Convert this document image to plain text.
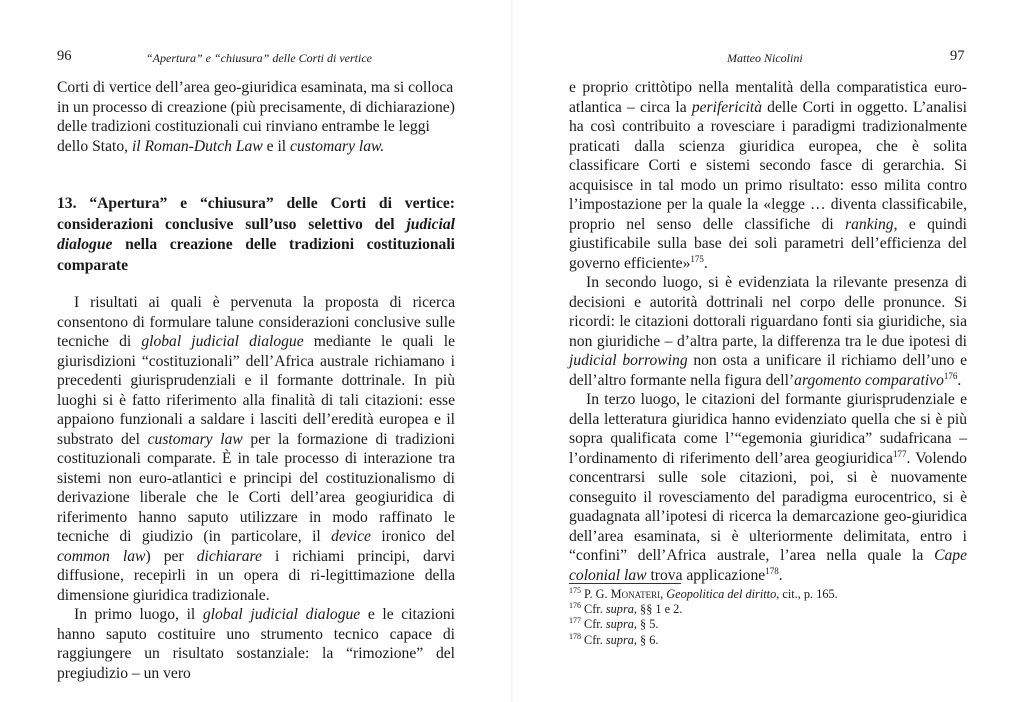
96	“Apertura” e “chiusura” delle Corti di vertice

Corti di vertice dell’area geo-giuridica esaminata, ma si colloca in un processo di creazione (più precisamente, di dichiarazione) delle tradizioni costituzionali cui rinviano entrambe le leggi dello Stato, il Roman-Dutch Law e il customary law.

13. “Apertura” e “chiusura” delle Corti di vertice: considerazioni conclusive sull’uso selettivo del judicial dialogue nella creazione delle tradizioni costituzionali comparate

I risultati ai quali è pervenuta la proposta di ricerca consentono di formulare talune considerazioni conclusive sulle tecniche di global judicial dialogue mediante le quali le giurisdizioni “costituzionali” dell’Africa australe richiamano i precedenti giurisprudenziali e il formante dottrinale. In più luoghi si è fatto riferimento alla finalità di tali citazioni: esse appaiono funzionali a saldare i lasciti dell’eredità europea e il substrato del customary law per la formazione di tradizioni costituzionali comparate. È in tale processo di interazione tra sistemi non euro-atlantici e principi del costituzionalismo di derivazione liberale che le Corti dell’area geogiuridica di riferimento hanno saputo utilizzare in modo raffinato le tecniche di giudizio (in particolare, il device ironico del common law) per dichiarare i richiami principi, darvi diffusione, recepirli in un opera di ri-legittimazione della dimensione giuridica tradizionale.

In primo luogo, il global judicial dialogue e le citazioni hanno saputo costituire uno strumento tecnico capace di raggiungere un risultato sostanziale: la “rimozione” del pregiudizio – un vero

Matteo Nicolini	97

e proprio crittòtipo nella mentalità della comparatistica euro-atlantica – circa la perifericità delle Corti in oggetto. L’analisi ha così contribuito a rovesciare i paradigmi tradizionalmente praticati dalla scienza giuridica europea, che è solita classificare Corti e sistemi secondo fasce di gerarchia. Si acquisisce in tal modo un primo risultato: esso milita contro l’impostazione per la quale la «legge … diventa classificabile, proprio nel senso delle classifiche di ranking, e quindi giustificabile sulla base dei soli parametri dell’efficienza del governo efficiente»$^{175}$.

In secondo luogo, si è evidenziata la rilevante presenza di decisioni e autorità dottrinali nel corpo delle pronunce. Si ricordi: le citazioni dottorali riguardano fonti sia giuridiche, sia non giuridiche – d’altra parte, la differenza tra le due ipotesi di judicial borrowing non osta a unificare il richiamo dell’uno e dell’altro formante nella figura dell’argomento comparativo$^{176}$.

In terzo luogo, le citazioni del formante giurisprudenziale e della letteratura giuridica hanno evidenziato quella che si è più sopra qualificata come l’“egemonia giuridica” sudafricana – l’ordinamento di riferimento dell’area geogiuridica$^{177}$. Volendo concentrarsi sulle sole citazioni, poi, si è nuovamente conseguito il rovesciamento del paradigma eurocentrico, si è guadagnata all’ipotesi di ricerca la demarcazione geo-giuridica dell’area esaminata, si è ulteriormente delimitata, entro i “confini” dell’Africa australe, l’area nella quale la Cape colonial law trova applicazione$^{178}$.

$^{175}$ P. G. Monateri, Geopolitica del diritto, cit., p. 165.

$^{176}$ Cfr. supra, §§ 1 e 2.

$^{177}$ Cfr. supra, § 5.

$^{178}$ Cfr. supra, § 6.
